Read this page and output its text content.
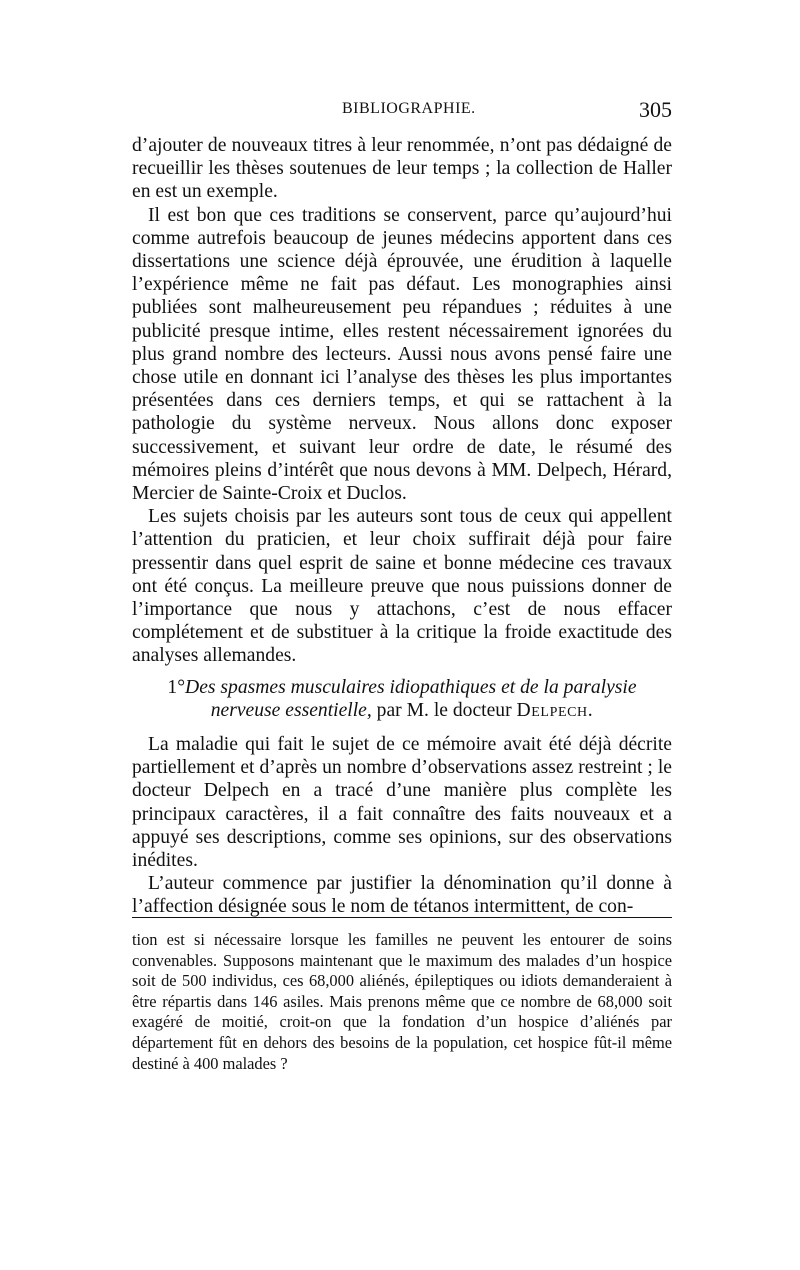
BIBLIOGRAPHIE.	305

d’ajouter de nouveaux titres à leur renommée, n’ont pas dédaigné de recueillir les thèses soutenues de leur temps ; la collection de Haller en est un exemple.

Il est bon que ces traditions se conservent, parce qu’aujourd’hui comme autrefois beaucoup de jeunes médecins apportent dans ces dissertations une science déjà éprouvée, une érudition à laquelle l’expérience même ne fait pas défaut. Les monographies ainsi publiées sont malheureusement peu répandues ; réduites à une publicité presque intime, elles restent nécessairement ignorées du plus grand nombre des lecteurs. Aussi nous avons pensé faire une chose utile en donnant ici l’analyse des thèses les plus importantes présentées dans ces derniers temps, et qui se rattachent à la pathologie du système nerveux. Nous allons donc exposer successivement, et suivant leur ordre de date, le résumé des mémoires pleins d’intérêt que nous devons à MM. Delpech, Hérard, Mercier de Sainte-Croix et Duclos.

Les sujets choisis par les auteurs sont tous de ceux qui appellent l’attention du praticien, et leur choix suffirait déjà pour faire pressentir dans quel esprit de saine et bonne médecine ces travaux ont été conçus. La meilleure preuve que nous puissions donner de l’importance que nous y attachons, c’est de nous effacer complétement et de substituer à la critique la froide exactitude des analyses allemandes.

1°Des spasmes musculaires idiopathiques et de la paralysie nerveuse essentielle, par M. le docteur Delpech.

La maladie qui fait le sujet de ce mémoire avait été déjà décrite partiellement et d’après un nombre d’observations assez restreint ; le docteur Delpech en a tracé d’une manière plus complète les principaux caractères, il a fait connaître des faits nouveaux et a appuyé ses descriptions, comme ses opinions, sur des observations inédites.

L’auteur commence par justifier la dénomination qu’il donne à l’affection désignée sous le nom de tétanos intermittent, de con-

tion est si nécessaire lorsque les familles ne peuvent les entourer de soins convenables. Supposons maintenant que le maximum des malades d’un hospice soit de 500 individus, ces 68,000 aliénés, épileptiques ou idiots demanderaient à être répartis dans 146 asiles. Mais prenons même que ce nombre de 68,000 soit exagéré de moitié, croit-on que la fondation d’un hospice d’aliénés par département fût en dehors des besoins de la population, cet hospice fût-il même destiné à 400 malades ?
